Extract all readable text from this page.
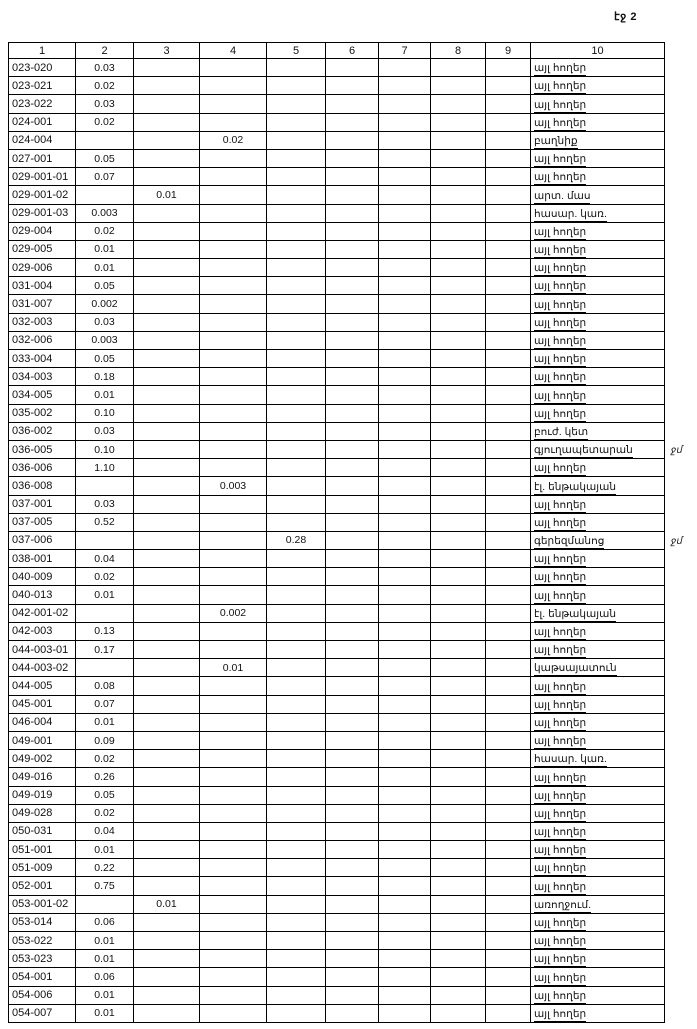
էջ 2
1	2	3	4	5	6	7	8	9	10
023-020	0.03								այլ հողեր
023-021	0.02								այլ հողեր
023-022	0.03								այլ հողեր
024-001	0.02								այլ հողեր
024-004			0.02						բաղնիք
027-001	0.05								այլ հողեր
029-001-01	0.07								այլ հողեր
029-001-02		0.01							արտ. մաս
029-001-03	0.003								հասար. կառ.
029-004	0.02								այլ հողեր
029-005	0.01								այլ հողեր
029-006	0.01								այլ հողեր
031-004	0.05								այլ հողեր
031-007	0.002								այլ հողեր
032-003	0.03								այլ հողեր
032-006	0.003								այլ հողեր
033-004	0.05								այլ հողեր
034-003	0.18								այլ հողեր
034-005	0.01								այլ հողեր
035-002	0.10								այլ հողեր
036-002	0.03								բուժ. կետ
036-005	0.10								գյուղապետարան
036-006	1.10								այլ հողեր
036-008			0.003						էլ. ենթակայան
037-001	0.03								այլ հողեր
037-005	0.52								այլ հողեր
037-006				0.28					գերեզմանոց
038-001	0.04								այլ հողեր
040-009	0.02								այլ հողեր
040-013	0.01								այլ հողեր
042-001-02			0.002						էլ. ենթակայան
042-003	0.13								այլ հողեր
044-003-01	0.17								այլ հողեր
044-003-02			0.01						կաթսայատուն
044-005	0.08								այլ հողեր
045-001	0.07								այլ հողեր
046-004	0.01								այլ հողեր
049-001	0.09								այլ հողեր
049-002	0.02								հասար. կառ.
049-016	0.26								այլ հողեր
049-019	0.05								այլ հողեր
049-028	0.02								այլ հողեր
050-031	0.04								այլ հողեր
051-001	0.01								այլ հողեր
051-009	0.22								այլ հողեր
052-001	0.75								այլ հողեր
053-001-02		0.01							առողջում.
053-014	0.06								այլ հողեր
053-022	0.01								այլ հողեր
053-023	0.01								այլ հողեր
054-001	0.06								այլ հողեր
054-006	0.01								այլ հողեր
054-007	0.01								այլ հողեր
ջմ
ջմ
